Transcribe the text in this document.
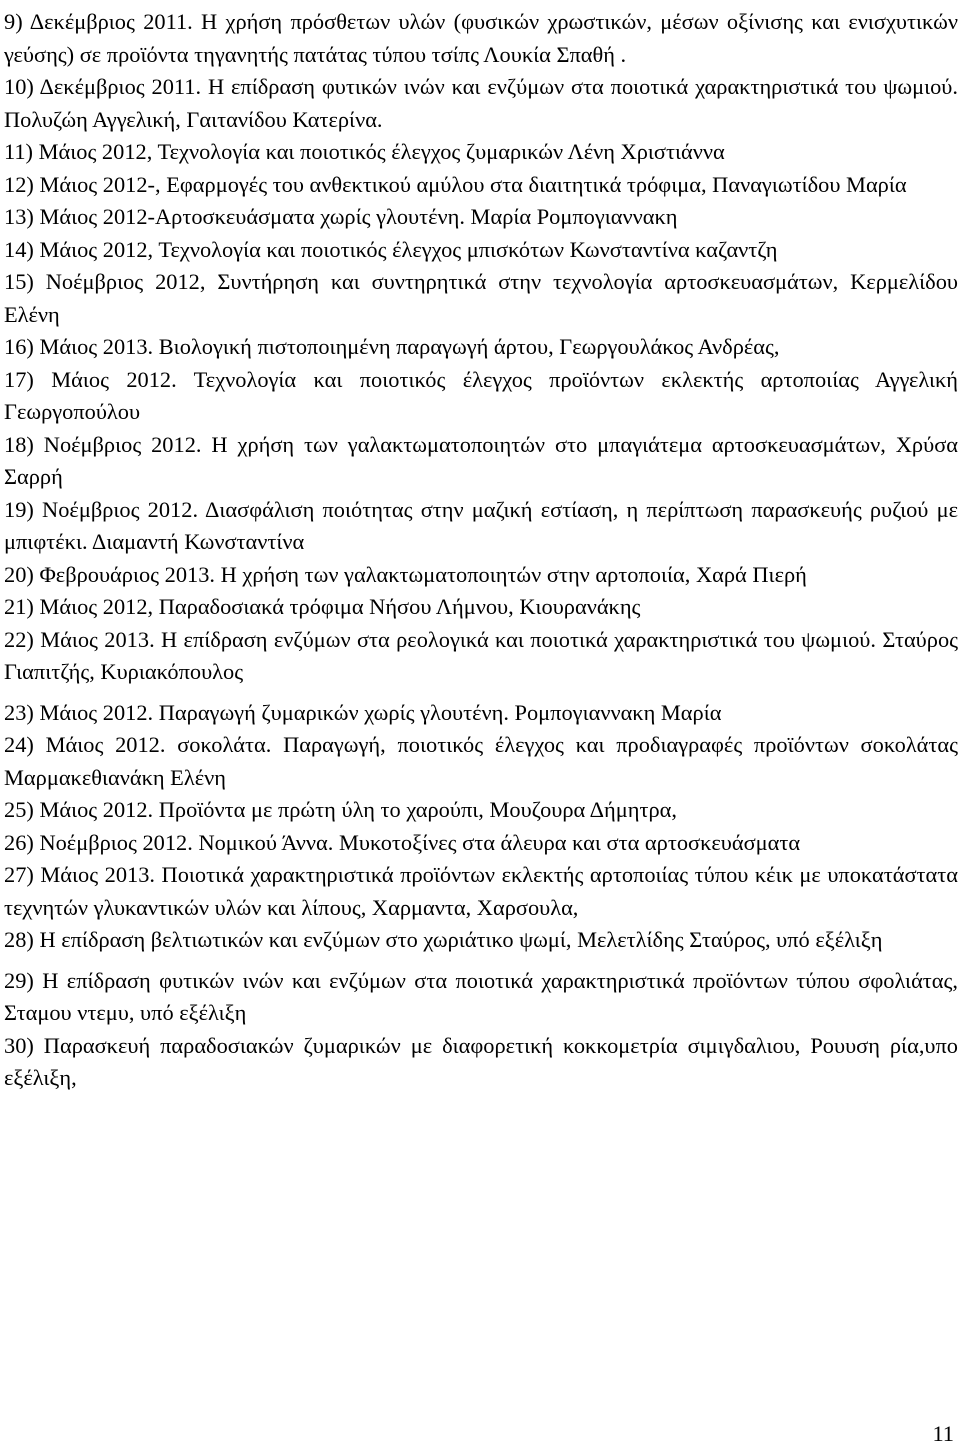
9) Δεκέμβριος 2011. Η χρήση πρόσθετων υλών (φυσικών χρωστικών, μέσων οξίνισης και ενισχυτικών γεύσης) σε προϊόντα τηγανητής πατάτας τύπου τσίπς Λουκία Σπαθή .

10) Δεκέμβριος 2011. Η επίδραση φυτικών ινών και ενζύμων στα ποιοτικά χαρακτηριστικά του ψωμιού. Πολυζώη Αγγελική, Γαιτανίδου Κατερίνα.

11) Μάιος 2012, Τεχνολογία και ποιοτικός έλεγχος ζυμαρικών Λένη Χριστιάννα

12) Μάιος 2012-, Εφαρμογές του ανθεκτικού αμύλου στα διαιτητικά τρόφιμα, Παναγιωτίδου Μαρία

13) Μάιος 2012-Αρτοσκευάσματα χωρίς γλουτένη. Μαρία Ρομπογιαννακη

14) Μάιος 2012, Τεχνολογία και ποιοτικός έλεγχος μπισκότων Κωνσταντίνα καζαντζη

15) Νοέμβριος 2012, Συντήρηση και συντηρητικά στην τεχνολογία αρτοσκευασμάτων, Κερμελίδου Ελένη

16) Μάιος 2013. Βιολογική πιστοποιημένη παραγωγή άρτου, Γεωργουλάκος Ανδρέας,

17) Μάιος 2012. Τεχνολογία και ποιοτικός έλεγχος προϊόντων εκλεκτής αρτοποιίας Αγγελική Γεωργοπούλου

18) Νοέμβριος 2012. Η χρήση των γαλακτωματοποιητών στο μπαγιάτεμα αρτοσκευασμάτων, Χρύσα Σαρρή

19) Νοέμβριος 2012. Διασφάλιση ποιότητας στην μαζική εστίαση, η περίπτωση παρασκευής ρυζιού με μπιφτέκι. Διαμαντή Κωνσταντίνα

20) Φεβρουάριος 2013. Η χρήση των γαλακτωματοποιητών στην αρτοποιία, Χαρά Πιερή

21) Μάιος 2012, Παραδοσιακά τρόφιμα Νήσου Λήμνου, Κιουρανάκης

22) Μάιος 2013. Η επίδραση ενζύμων στα ρεολογικά και ποιοτικά χαρακτηριστικά του ψωμιού. Σταύρος Γιαπιτζής, Κυριακόπουλος

23) Μάιος 2012. Παραγωγή ζυμαρικών χωρίς γλουτένη. Ρομπογιαννακη Μαρία

24) Μάιος 2012. σοκολάτα. Παραγωγή, ποιοτικός έλεγχος και προδιαγραφές προϊόντων σοκολάτας Μαρμακεθιανάκη Ελένη

25) Μάιος 2012. Προϊόντα με πρώτη ύλη το χαρούπι, Μουζουρα Δήμητρα,

26) Νοέμβριος 2012. Νομικού Άννα. Μυκοτοξίνες στα άλευρα και στα αρτοσκευάσματα

27) Μάιος 2013. Ποιοτικά χαρακτηριστικά προϊόντων εκλεκτής αρτοποιίας τύπου κέικ με υποκατάστατα τεχνητών γλυκαντικών υλών και λίπους, Χαρμαντα, Χαρσουλα,

28) Η επίδραση βελτιωτικών και ενζύμων στο χωριάτικο ψωμί, Μελετλίδης Σταύρος, υπό εξέλιξη

29) Η επίδραση φυτικών ινών και ενζύμων στα ποιοτικά χαρακτηριστικά προϊόντων τύπου σφολιάτας, Σταμου ντεμυ, υπό εξέλιξη

30) Παρασκευή παραδοσιακών ζυμαρικών με διαφορετική κοκκομετρία σιμιγδαλιου, Ρουυση ρία,υπο εξέλιξη,

11
